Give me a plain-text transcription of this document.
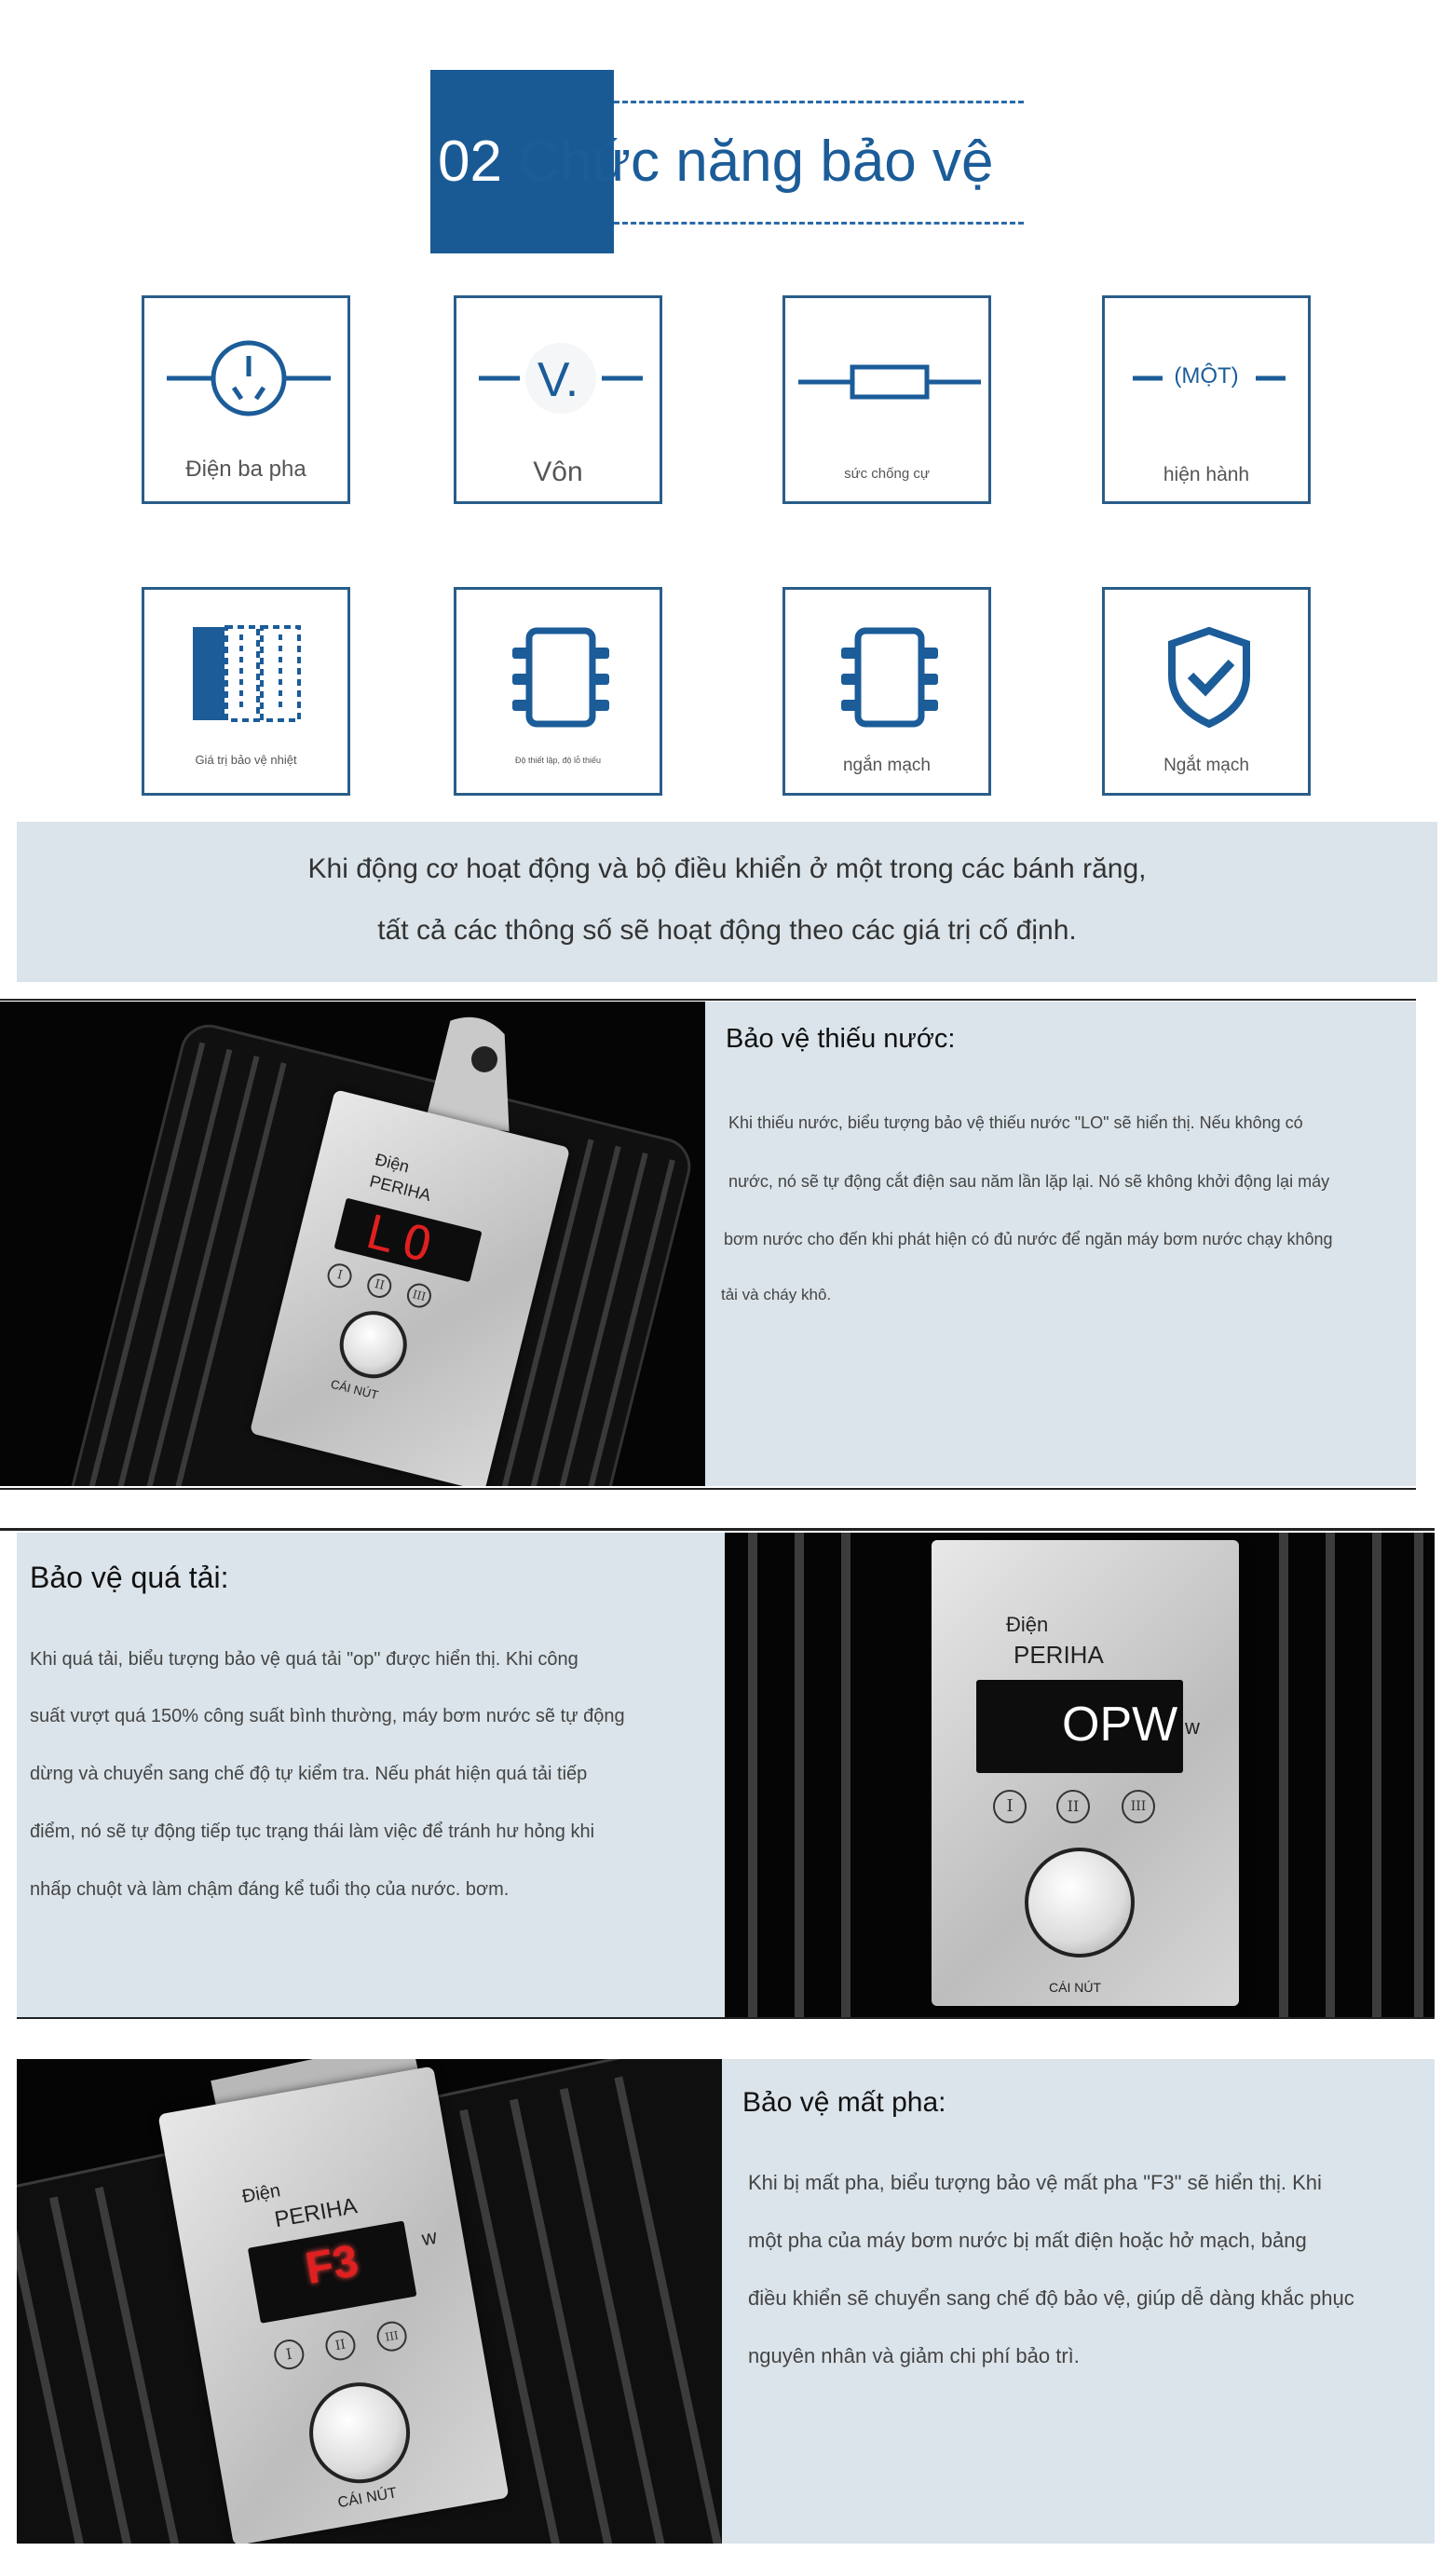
02 Chức năng bảo vệ
Điện ba pha
V.
Vôn	sức chống cự
(MỘT)
hiện hành
Giá trị bảo vệ nhiệt	Độ thiết lập, độ lỗ thiếu	ngắn mạch	Ngắt mạch
Khi động cơ hoạt động và bộ điều khiển ở một trong các bánh răng,
tất cả các thông số sẽ hoạt động theo các giá trị cố định.
Điện
PERIHA
LO
I
II
III
CÁI NÚT
Bảo vệ thiếu nước:
Khi thiếu nước, biểu tượng bảo vệ thiếu nước "LO" sẽ hiển thị. Nếu không có
nước, nó sẽ tự động cắt điện sau năm lần lặp lại. Nó sẽ không khởi động lại máy
bơm nước cho đến khi phát hiện có đủ nước để ngăn máy bơm nước chạy không
tải và cháy khô.
Bảo vệ quá tải:
Khi quá tải, biểu tượng bảo vệ quá tải "op" được hiển thị. Khi công
suất vượt quá 150% công suất bình thường, máy bơm nước sẽ tự động
dừng và chuyển sang chế độ tự kiểm tra. Nếu phát hiện quá tải tiếp
điểm, nó sẽ tự động tiếp tục trạng thái làm việc để tránh hư hỏng khi
nhấp chuột và làm chậm đáng kể tuổi thọ của nước. bơm.
Điện
PERIHA
OPW w
I	II	III
CÁI NÚT
Điện
PERIHA
F3	w
I	II
III
CÁI NÚT
Bảo vệ mất pha:
Khi bị mất pha, biểu tượng bảo vệ mất pha "F3" sẽ hiển thị. Khi
một pha của máy bơm nước bị mất điện hoặc hở mạch, bảng
điều khiển sẽ chuyển sang chế độ bảo vệ, giúp dễ dàng khắc phục
nguyên nhân và giảm chi phí bảo trì.
